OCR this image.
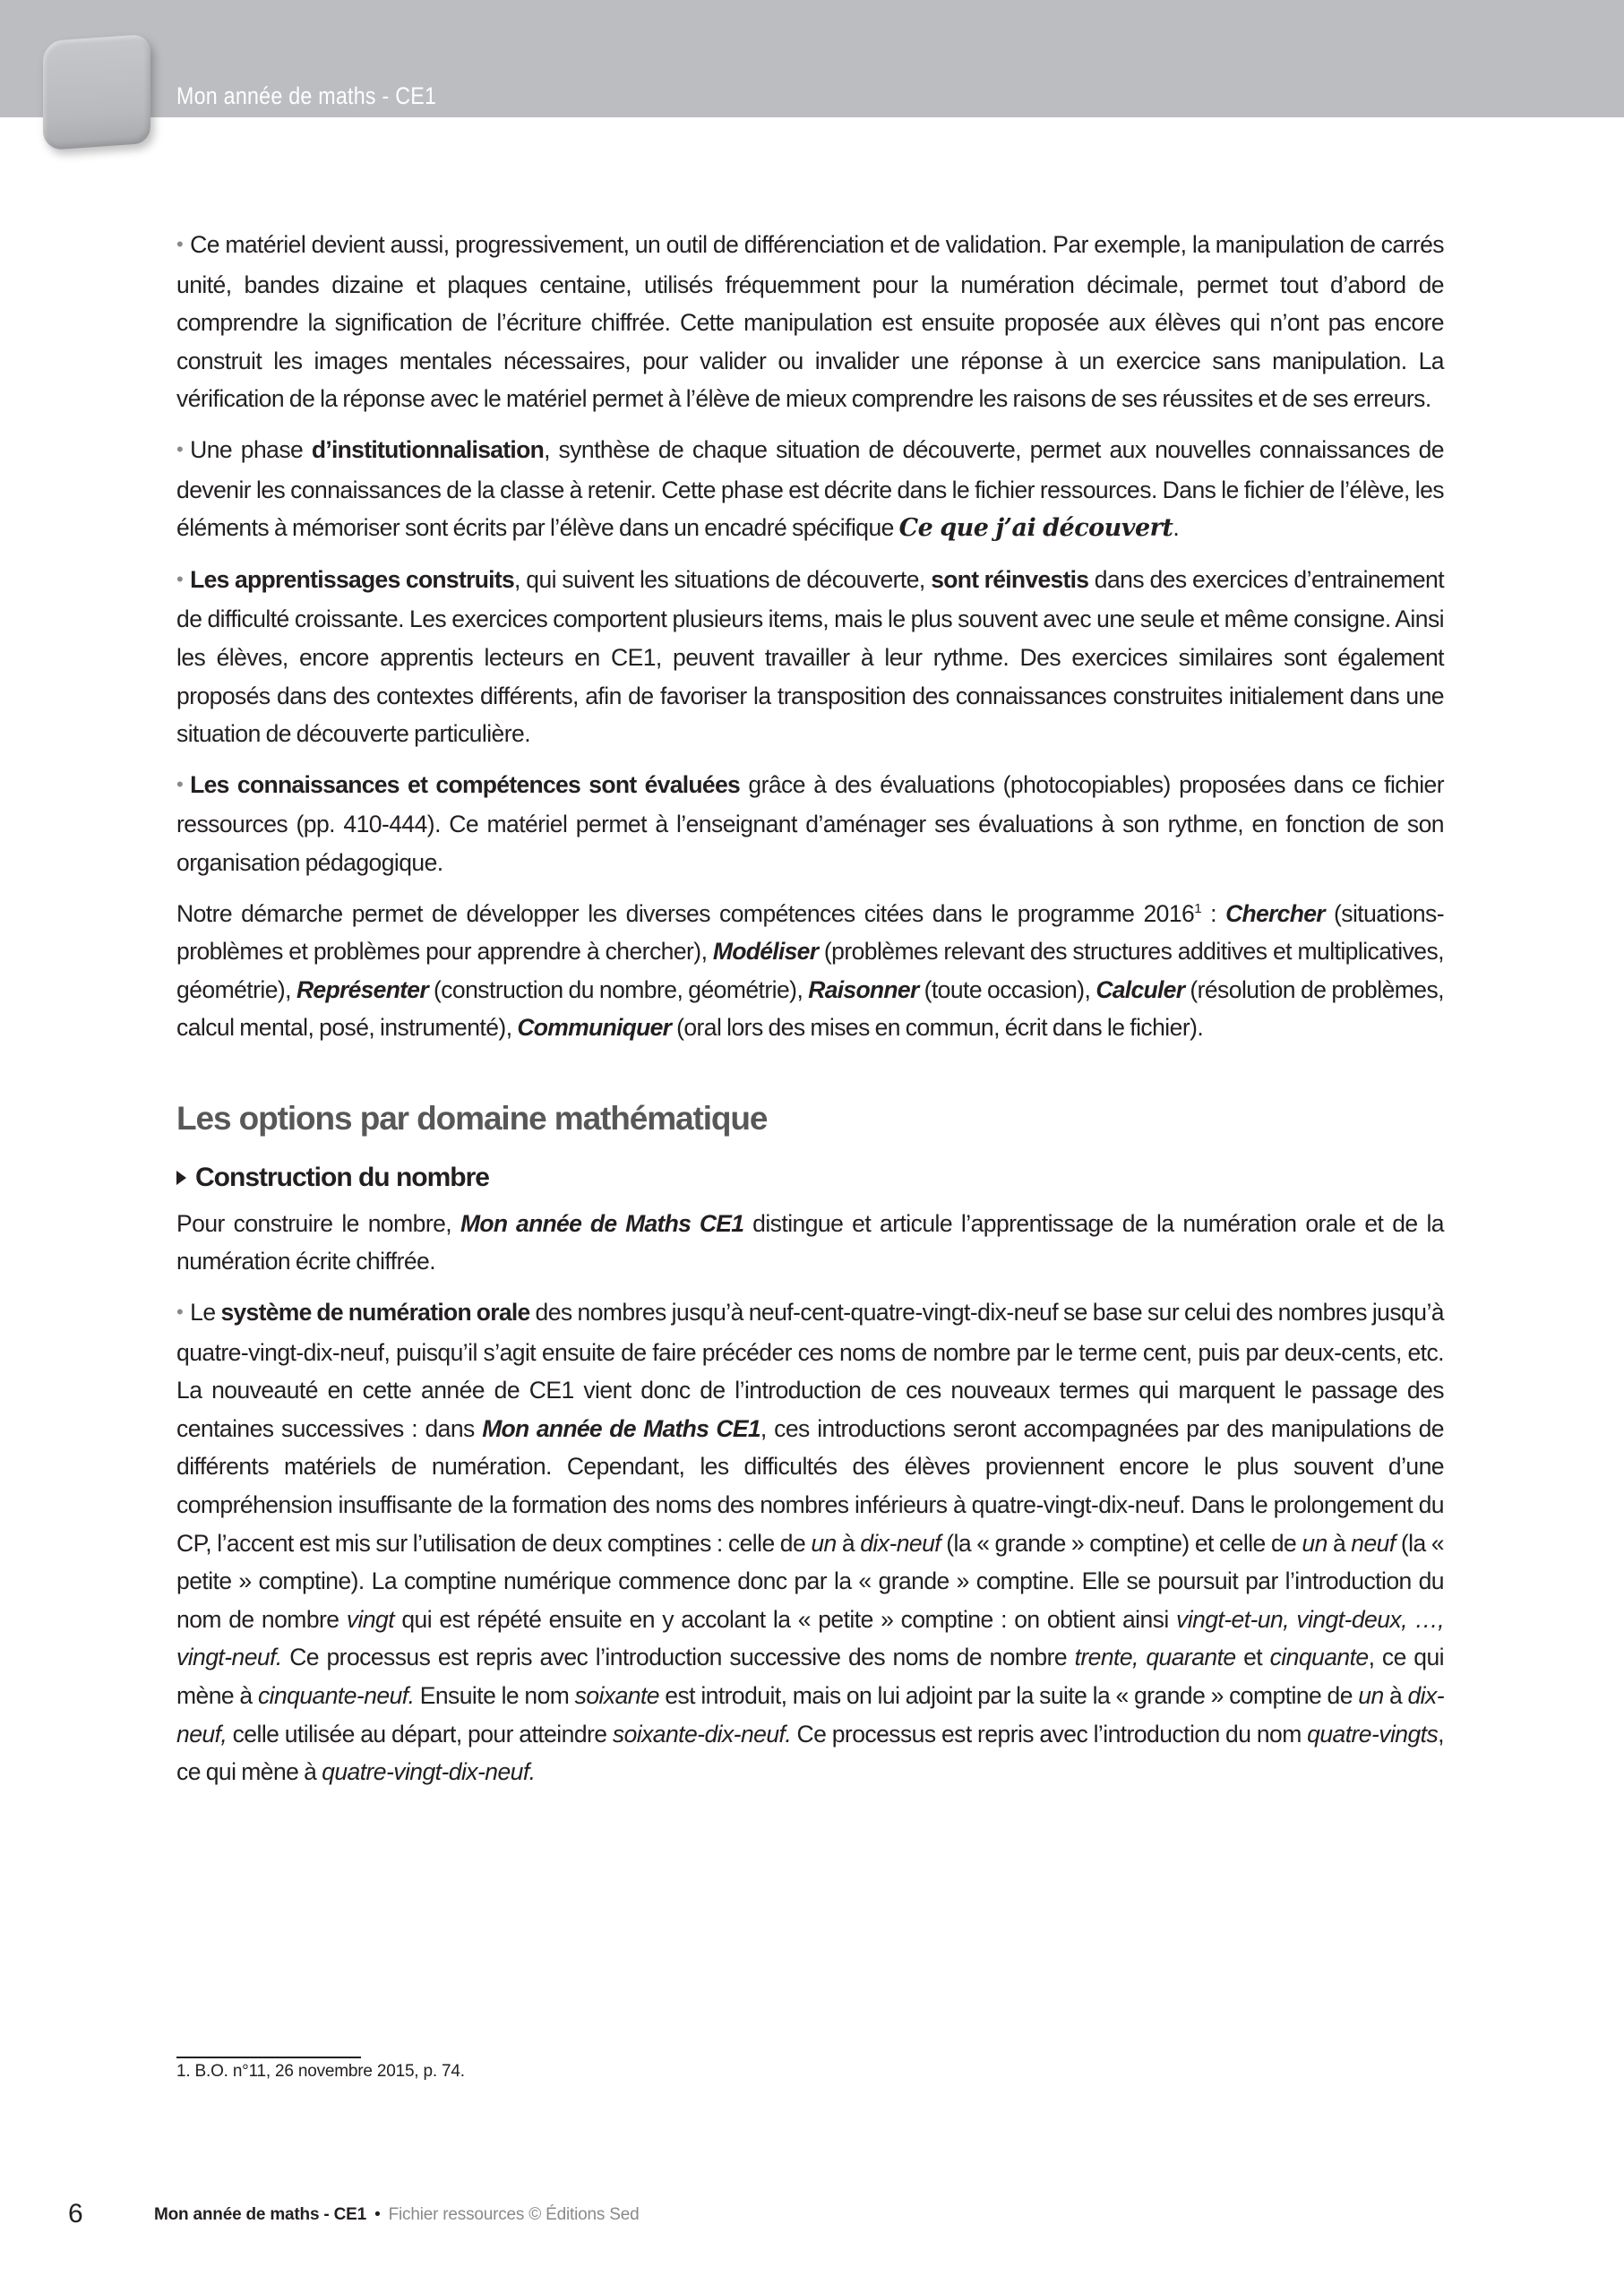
Mon année de maths - CE1

• Ce matériel devient aussi, progressivement, un outil de différenciation et de validation. Par exemple, la manipulation de carrés unité, bandes dizaine et plaques centaine, utilisés fréquemment pour la numération décimale, permet tout d’abord de comprendre la signification de l’écriture chiffrée. Cette manipulation est ensuite proposée aux élèves qui n’ont pas encore construit les images mentales nécessaires, pour valider ou invalider une réponse à un exercice sans manipulation. La vérification de la réponse avec le matériel permet à l’élève de mieux comprendre les raisons de ses réussites et de ses erreurs.

• Une phase d’institutionnalisation, synthèse de chaque situation de découverte, permet aux nouvelles connaissances de devenir les connaissances de la classe à retenir. Cette phase est décrite dans le fichier ressources. Dans le fichier de l’élève, les éléments à mémoriser sont écrits par l’élève dans un encadré spécifique Ce que j’ai découvert.

• Les apprentissages construits, qui suivent les situations de découverte, sont réinvestis dans des exercices d’entrainement de difficulté croissante. Les exercices comportent plusieurs items, mais le plus souvent avec une seule et même consigne. Ainsi les élèves, encore apprentis lecteurs en CE1, peuvent travailler à leur rythme. Des exercices similaires sont également proposés dans des contextes différents, afin de favoriser la transposition des connaissances construites initialement dans une situation de découverte particulière.

• Les connaissances et compétences sont évaluées grâce à des évaluations (photocopiables) proposées dans ce fichier ressources (pp. 410-444). Ce matériel permet à l’enseignant d’aménager ses évaluations à son rythme, en fonction de son organisation pédagogique.

Notre démarche permet de développer les diverses compétences citées dans le programme 2016$^1$ : Chercher (situations-problèmes et problèmes pour apprendre à chercher), Modéliser (problèmes relevant des structures additives et multiplicatives, géométrie), Représenter (construction du nombre, géométrie), Raisonner (toute occasion), Calculer (résolution de problèmes, calcul mental, posé, instrumenté), Communiquer (oral lors des mises en commun, écrit dans le fichier).

Les options par domaine mathématique
Construction du nombre

Pour construire le nombre, Mon année de Maths CE1 distingue et articule l’apprentissage de la numération orale et de la numération écrite chiffrée.

• Le système de numération orale des nombres jusqu’à neuf-cent-quatre-vingt-dix-neuf se base sur celui des nombres jusqu’à quatre-vingt-dix-neuf, puisqu’il s’agit ensuite de faire précéder ces noms de nombre par le terme cent, puis par deux-cents, etc. La nouveauté en cette année de CE1 vient donc de l’introduction de ces nouveaux termes qui marquent le passage des centaines successives : dans Mon année de Maths CE1, ces introductions seront accompagnées par des manipulations de différents matériels de numération. Cependant, les difficultés des élèves proviennent encore le plus souvent d’une compréhension insuffisante de la formation des noms des nombres inférieurs à quatre-vingt-dix-neuf. Dans le prolongement du CP, l’accent est mis sur l’utilisation de deux comptines : celle de un à dix-neuf (la « grande » comptine) et celle de un à neuf (la « petite » comptine). La comptine numérique commence donc par la « grande » comptine. Elle se poursuit par l’introduction du nom de nombre vingt qui est répété ensuite en y accolant la « petite » comptine : on obtient ainsi vingt-et-un, vingt-deux, …, vingt-neuf. Ce processus est repris avec l’introduction successive des noms de nombre trente, quarante et cinquante, ce qui mène à cinquante-neuf. Ensuite le nom soixante est introduit, mais on lui adjoint par la suite la « grande » comptine de un à dix-neuf, celle utilisée au départ, pour atteindre soixante-dix-neuf. Ce processus est repris avec l’introduction du nom quatre-vingts, ce qui mène à quatre-vingt-dix-neuf.

1. B.O. n°11, 26 novembre 2015, p. 74.
6	Mon année de maths - CE1 • Fichier ressources © Éditions Sed
